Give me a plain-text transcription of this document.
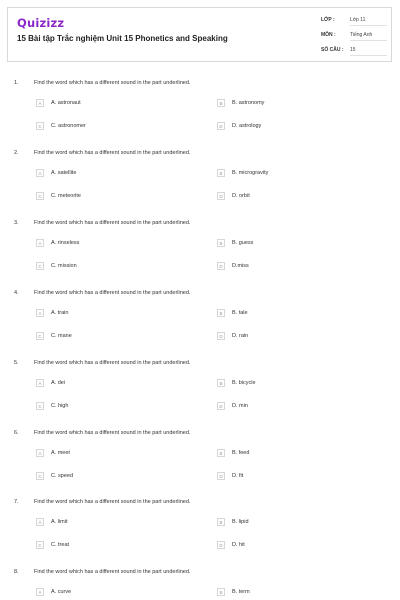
Quizizz
15 Bài tập Trắc nghiệm Unit 15 Phonetics and Speaking
LỚP :	Lớp 11
MÔN :	Tiếng Anh
SỐ CÂU : 15
1.	Find the word which has a different sound in the part underlined.
A	A. astronaut	B	B. astronomy
C	C. astronomer	D	D. astrology
2.	Find the word which has a different sound in the part underlined.
A	A. satellite	B	B. microgravity
C	C. meteorite	D	D. orbit
3.	Find the word which has a different sound in the part underlined.
A	A. rinseless	B	B. guess
C	C. mission	D	D.miss
4.	Find the word which has a different sound in the part underlined.
A	A. train	B	B. tale
C	C. mane	D	D. rain
5.	Find the word which has a different sound in the part underlined.
A	A. dei	B	B. bicycle
C	C. high	D	D. min
6.	Find the word which has a different sound in the part underlined.
A	A. meet	B	B. feed
C	C. speed	D	D. fit
7.	Find the word which has a different sound in the part underlined.
A	A. limit	B	B. lipid
C	C. treat	D	D. hit
8.	Find the word which has a different sound in the part underlined.
A	A. curve	B	B. term
